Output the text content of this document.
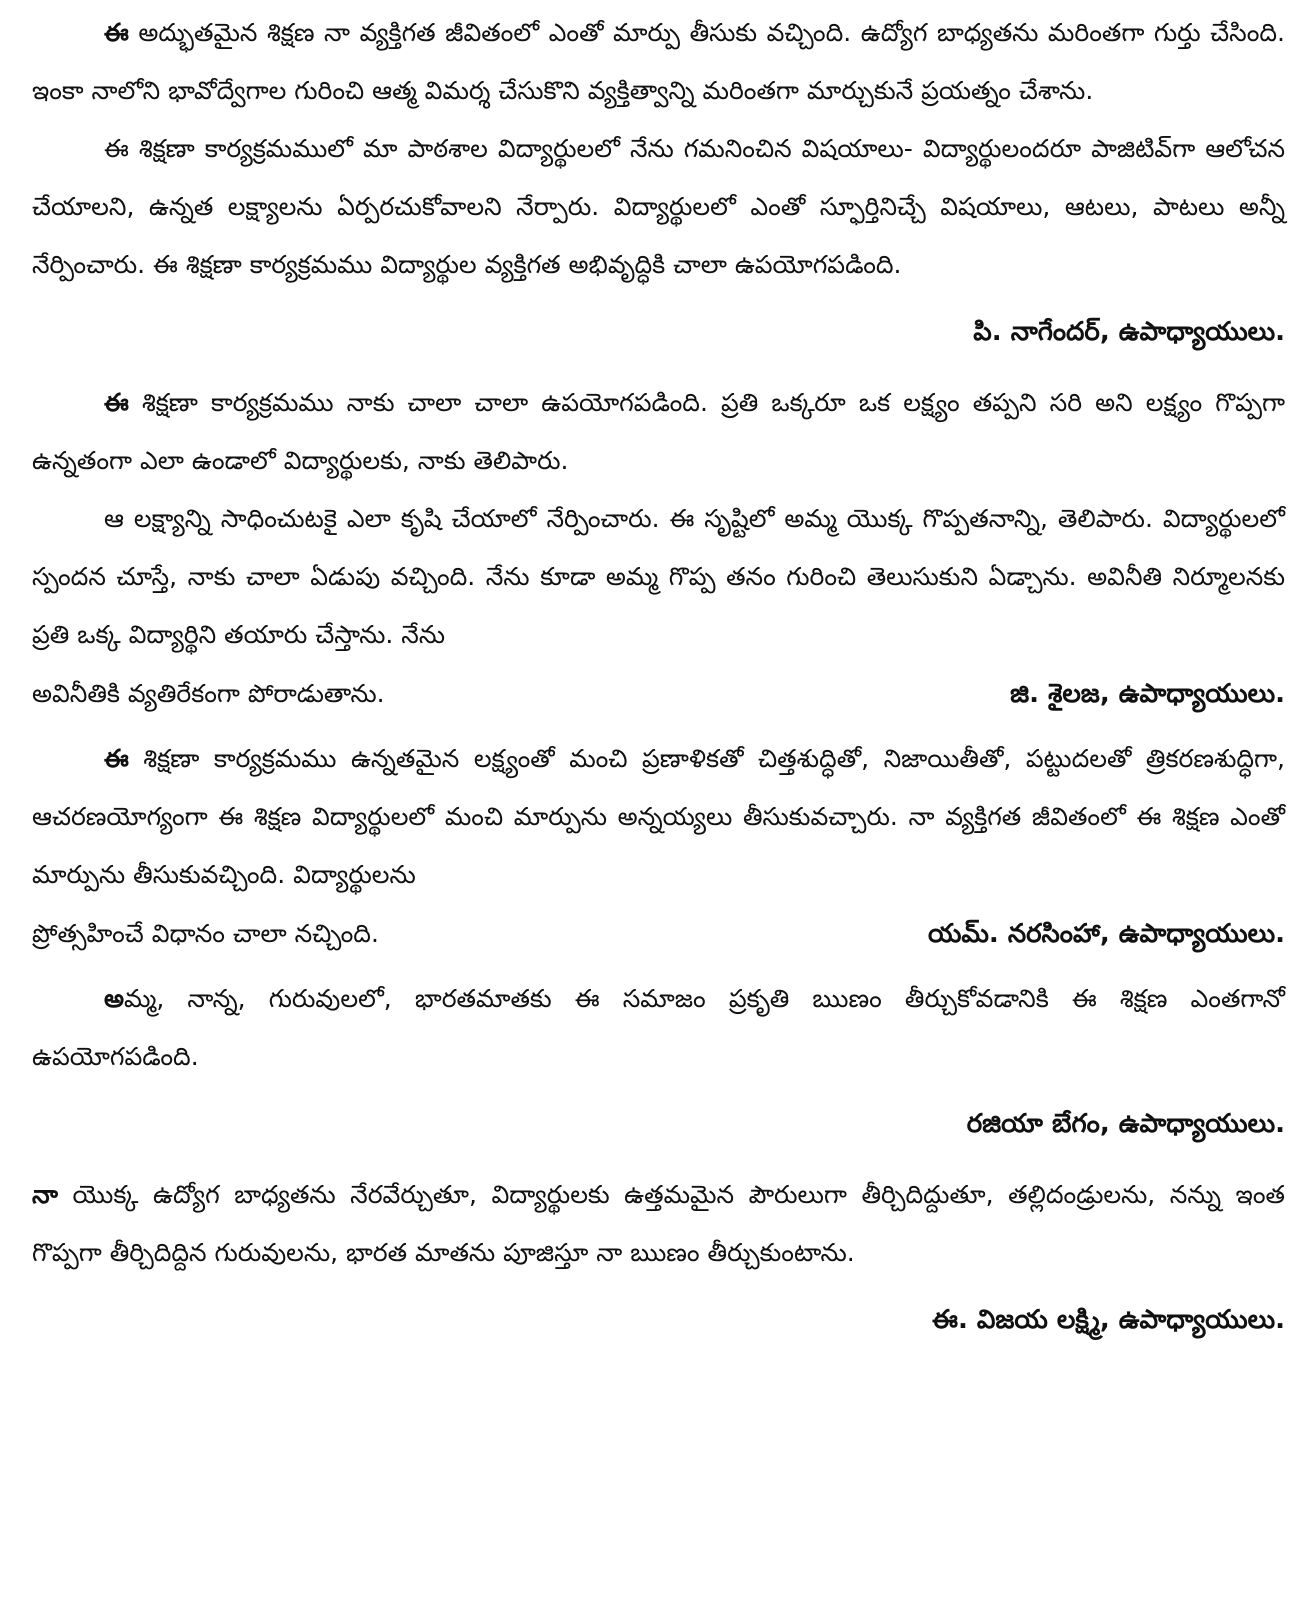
ఈ అద్భుతమైన శిక్షణ నా వ్యక్తిగత జీవితంలో ఎంతో మార్పు తీసుకు వచ్చింది. ఉద్యోగ బాధ్యతను మరింతగా గుర్తు చేసింది. ఇంకా నాలోని భావోద్వేగాల గురించి ఆత్మ విమర్శ చేసుకొని వ్యక్తిత్వాన్ని మరింతగా మార్చుకునే ప్రయత్నం చేశాను.

ఈ శిక్షణా కార్యక్రమములో మా పాఠశాల విద్యార్థులలో నేను గమనించిన విషయాలు- విద్యార్థులందరూ పాజిటివ్‌గా ఆలోచన చేయాలని, ఉన్నత లక్ష్యాలను ఏర్పరచుకోవాలని నేర్పారు. విద్యార్థులలో ఎంతో స్ఫూర్తినిచ్చే విషయాలు, ఆటలు, పాటలు అన్నీ నేర్పించారు. ఈ శిక్షణా కార్యక్రమము విద్యార్థుల వ్యక్తిగత అభివృద్ధికి చాలా ఉపయోగపడింది.

పి. నాగేందర్, ఉపాధ్యాయులు.

ఈ శిక్షణా కార్యక్రమము నాకు చాలా చాలా ఉపయోగపడింది. ప్రతి ఒక్కరూ ఒక లక్ష్యం తప్పని సరి అని లక్ష్యం గొప్పగా ఉన్నతంగా ఎలా ఉండాలో విద్యార్థులకు, నాకు తెలిపారు.

ఆ లక్ష్యాన్ని సాధించుటకై ఎలా కృషి చేయాలో నేర్పించారు. ఈ సృష్టిలో అమ్మ యొక్క గొప్పతనాన్ని, తెలిపారు. విద్యార్థులలో స్పందన చూస్తే, నాకు చాలా ఏడుపు వచ్చింది. నేను కూడా అమ్మ గొప్ప తనం గురించి తెలుసుకుని ఏడ్చాను. అవినీతి నిర్మూలనకు ప్రతి ఒక్క విద్యార్థిని తయారు చేస్తాను. నేను

అవినీతికి వ్యతిరేకంగా పోరాడుతాను.	జి. శైలజ, ఉపాధ్యాయులు.

ఈ శిక్షణా కార్యక్రమము ఉన్నతమైన లక్ష్యంతో మంచి ప్రణాళికతో చిత్తశుద్ధితో, నిజాయితీతో, పట్టుదలతో త్రికరణశుద్ధిగా, ఆచరణయోగ్యంగా ఈ శిక్షణ విద్యార్థులలో మంచి మార్పును అన్నయ్యలు తీసుకువచ్చారు. నా వ్యక్తిగత జీవితంలో ఈ శిక్షణ ఎంతో మార్పును తీసుకువచ్చింది. విద్యార్థులను

ప్రోత్సహించే విధానం చాలా నచ్చింది.	యమ్. నరసింహా, ఉపాధ్యాయులు.

అమ్మ, నాన్న, గురువులలో, భారతమాతకు ఈ సమాజం ప్రకృతి ఋణం తీర్చుకోవడానికి ఈ శిక్షణ ఎంతగానో ఉపయోగపడింది.

రజియా బేగం, ఉపాధ్యాయులు.

నా యొక్క ఉద్యోగ బాధ్యతను నేరవేర్చుతూ, విద్యార్థులకు ఉత్తమమైన పౌరులుగా తీర్చిదిద్దుతూ, తల్లిదండ్రులను, నన్ను ఇంత గొప్పగా తీర్చిదిద్దిన గురువులను, భారత మాతను పూజిస్తూ నా ఋణం తీర్చుకుంటాను.

ఈ. విజయ లక్ష్మి, ఉపాధ్యాయులు.
